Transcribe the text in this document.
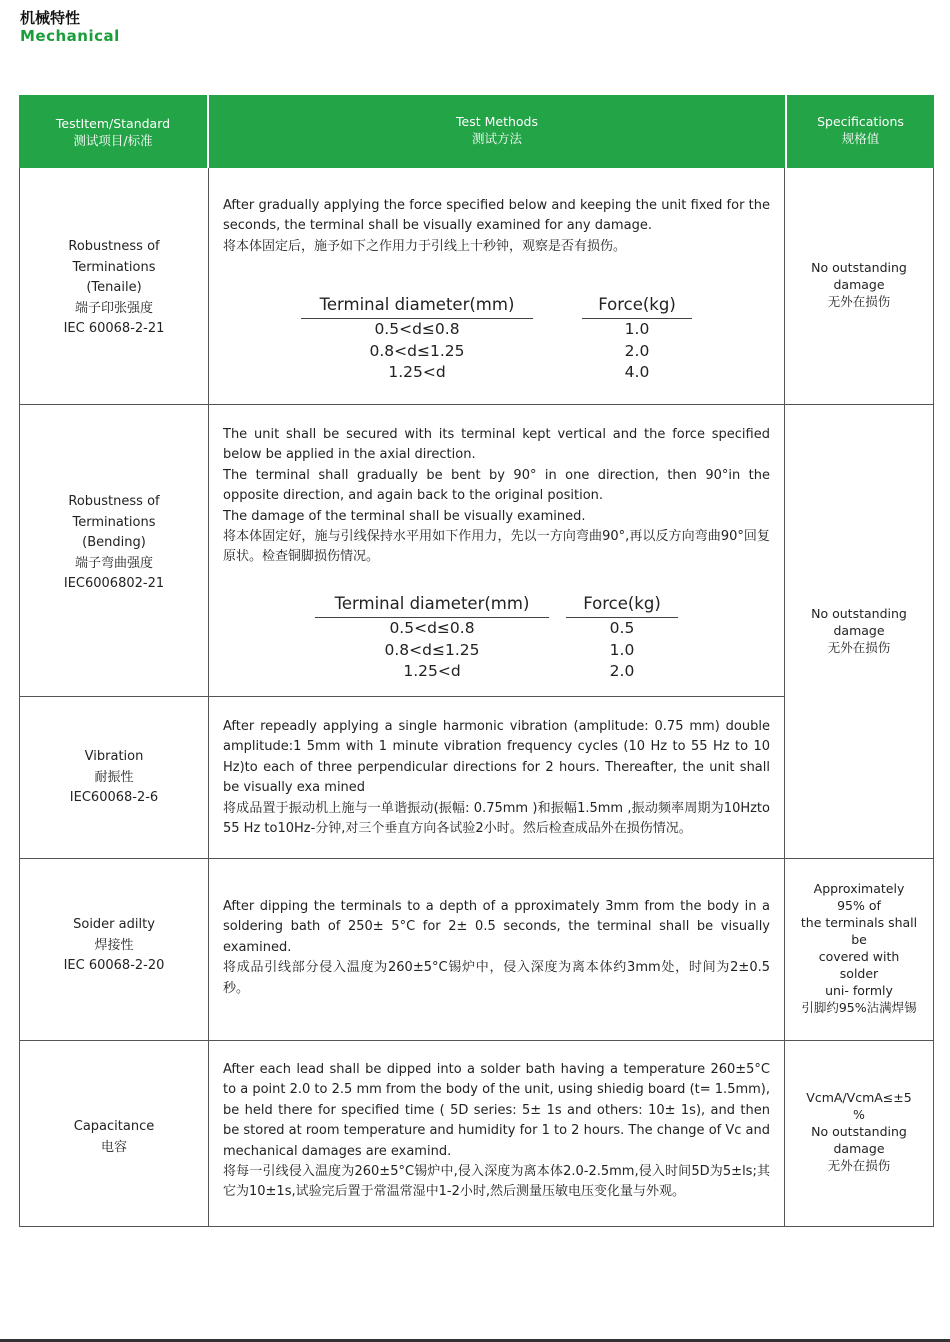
机械特性
Mechanical
TestItem/Standard
测试项目/标准
Test Methods
测试方法
Specifications
规格值
Robustness of
Terminations
(Tenaile)
端子印张强度
IEC 60068-2-21

After gradually applying the force specified below and keeping the unit fixed for the seconds, the terminal shall be visually examined for any damage.

将本体固定后，施予如下之作用力于引线上十秒钟，观察是否有损伤。

Terminal diameter(mm)
0.5<d≤0.8
0.8<d≤1.25
1.25<d
Force(kg)
1.0
2.0
4.0
No outstanding
damage
无外在损伤
Robustness of
Terminations
(Bending)
端子弯曲强度
IEC6006802-21

The unit shall be secured with its terminal kept vertical and the force specified below be applied in the axial direction.

The terminal shall gradually be bent by 90° in one direction, then 90°in the opposite direction, and again back to the original position.

The damage of the terminal shall be visually examined.

将本体固定好，施与引线保持水平用如下作用力，先以一方向弯曲90°,再以反方向弯曲90°回复原状。检查铜脚损伤情况。

Terminal diameter(mm)
0.5<d≤0.8
0.8<d≤1.25
1.25<d
Force(kg)
0.5
1.0
2.0
No outstanding
damage
无外在损伤
Vibration
耐振性
IEC60068-2-6

After repeadly applying a single harmonic vibration (amplitude: 0.75 mm) double amplitude:1 5mm with 1 minute vibration frequency cycles (10 Hz to 55 Hz to 10 Hz)to each of three perpendicular directions for 2 hours. Thereafter, the unit shall be visually exa mined

将成品置于振动机上施与一单谐振动(振幅: 0.75mm )和振幅1.5mm ,振动频率周期为10Hzto 55 Hz to10Hz-分钟,对三个垂直方向各试验2小时。然后检查成品外在损伤情况。

Soider adilty
焊接性
IEC 60068-2-20

After dipping the terminals to a depth of a pproximately 3mm from the body in a soldering bath of 250± 5°C for 2± 0.5 seconds, the terminal shall be visually examined.

将成品引线部分侵入温度为260±5°C锡炉中，侵入深度为离本体约3mm处，时间为2±0.5秒。

Approximately
95% of
the terminals shall
be
covered with
solder
uni- formly
引脚约95%沾满焊锡
Capacitance
电容

After each lead shall be dipped into a solder bath having a temperature 260±5°C to a point 2.0 to 2.5 mm from the body of the unit, using shiedig board (t= 1.5mm), be held there for specified time ( 5D series: 5± 1s and others: 10± 1s), and then be stored at room temperature and humidity for 1 to 2 hours. The change of Vc and mechanical damages are examind.

将每一引线侵入温度为260±5°C锡炉中,侵入深度为离本体2.0-2.5mm,侵入时间5D为5±ls;其它为10±1s,试验完后置于常温常湿中1-2小时,然后测量压敏电压变化量与外观。

VcmA/VcmA≤±5
%
No outstanding
damage
无外在损伤
